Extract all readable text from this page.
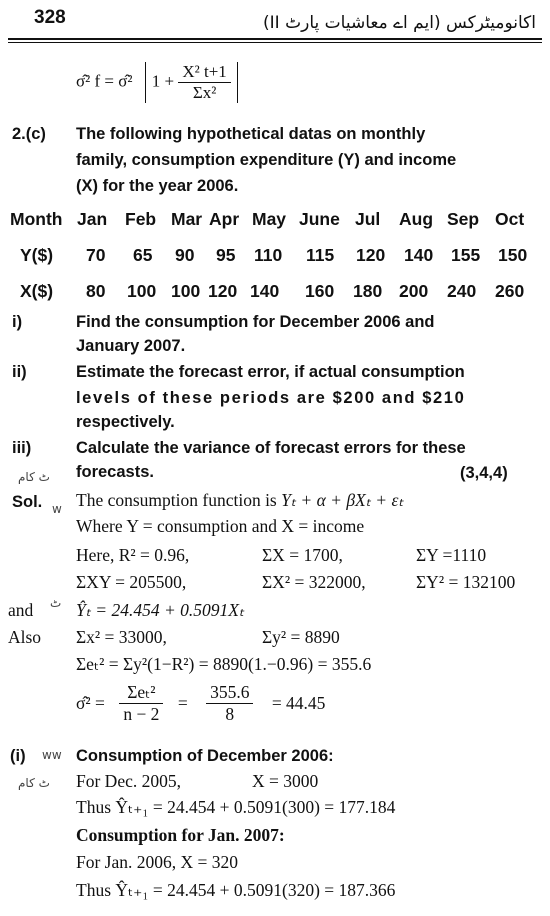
328	اکانومیٹرکس (ایم اے معاشیات پارٹ II)
σ̂² f = σ̂² $1 + \frac{\text{X² t+1}}{\text{Σx²}}$
2.(c) The following hypothetical datas on monthly
family, consumption expenditure (Y) and income
(X) for the year 2006.
Month Jan Feb Mar Apr May June Jul Aug Sep Oct
Y($) 70 65 90 95 110 115 120 140 155 150
X($) 80 100 100 120 140 160 180 200 240 260
i)	Find the consumption for December 2006 and
January 2007.
ii)	Estimate the forecast error, if actual consumption
levels of these periods are $200 and $210
respectively.
iii)	Calculate the variance of forecast errors for these
forecasts.	(3,4,4)
ٹ کام
Sol. w The consumption function is Yₜ + α + βXₜ + εₜ
Where Y = consumption and X = income
Here, R² = 0.96,	ΣX = 1700,	ΣY =1110
ΣXY = 205500,	ΣX² = 322000,	ΣY² = 132100
and ٹ Ŷₜ = 24.454 + 0.5091Xₜ
Also Σx² = 33000,	Σy² = 8890
Σeₜ² = Σy²(1−R²) = 8890(1.−0.96) = 355.6
σ̂² = $\frac{\text{Σeₜ²}}{n - 2} = \frac{355.6}{8} = 44.45$
(i) ww Consumption of December 2006:
ٹ کام For Dec. 2005,	X = 3000
Thus Ŷₜ₊₁ = 24.454 + 0.5091(300) = 177.184
Consumption for Jan. 2007:
For Jan. 2006, X = 320
Thus Ŷₜ₊₁ = 24.454 + 0.5091(320) = 187.366
